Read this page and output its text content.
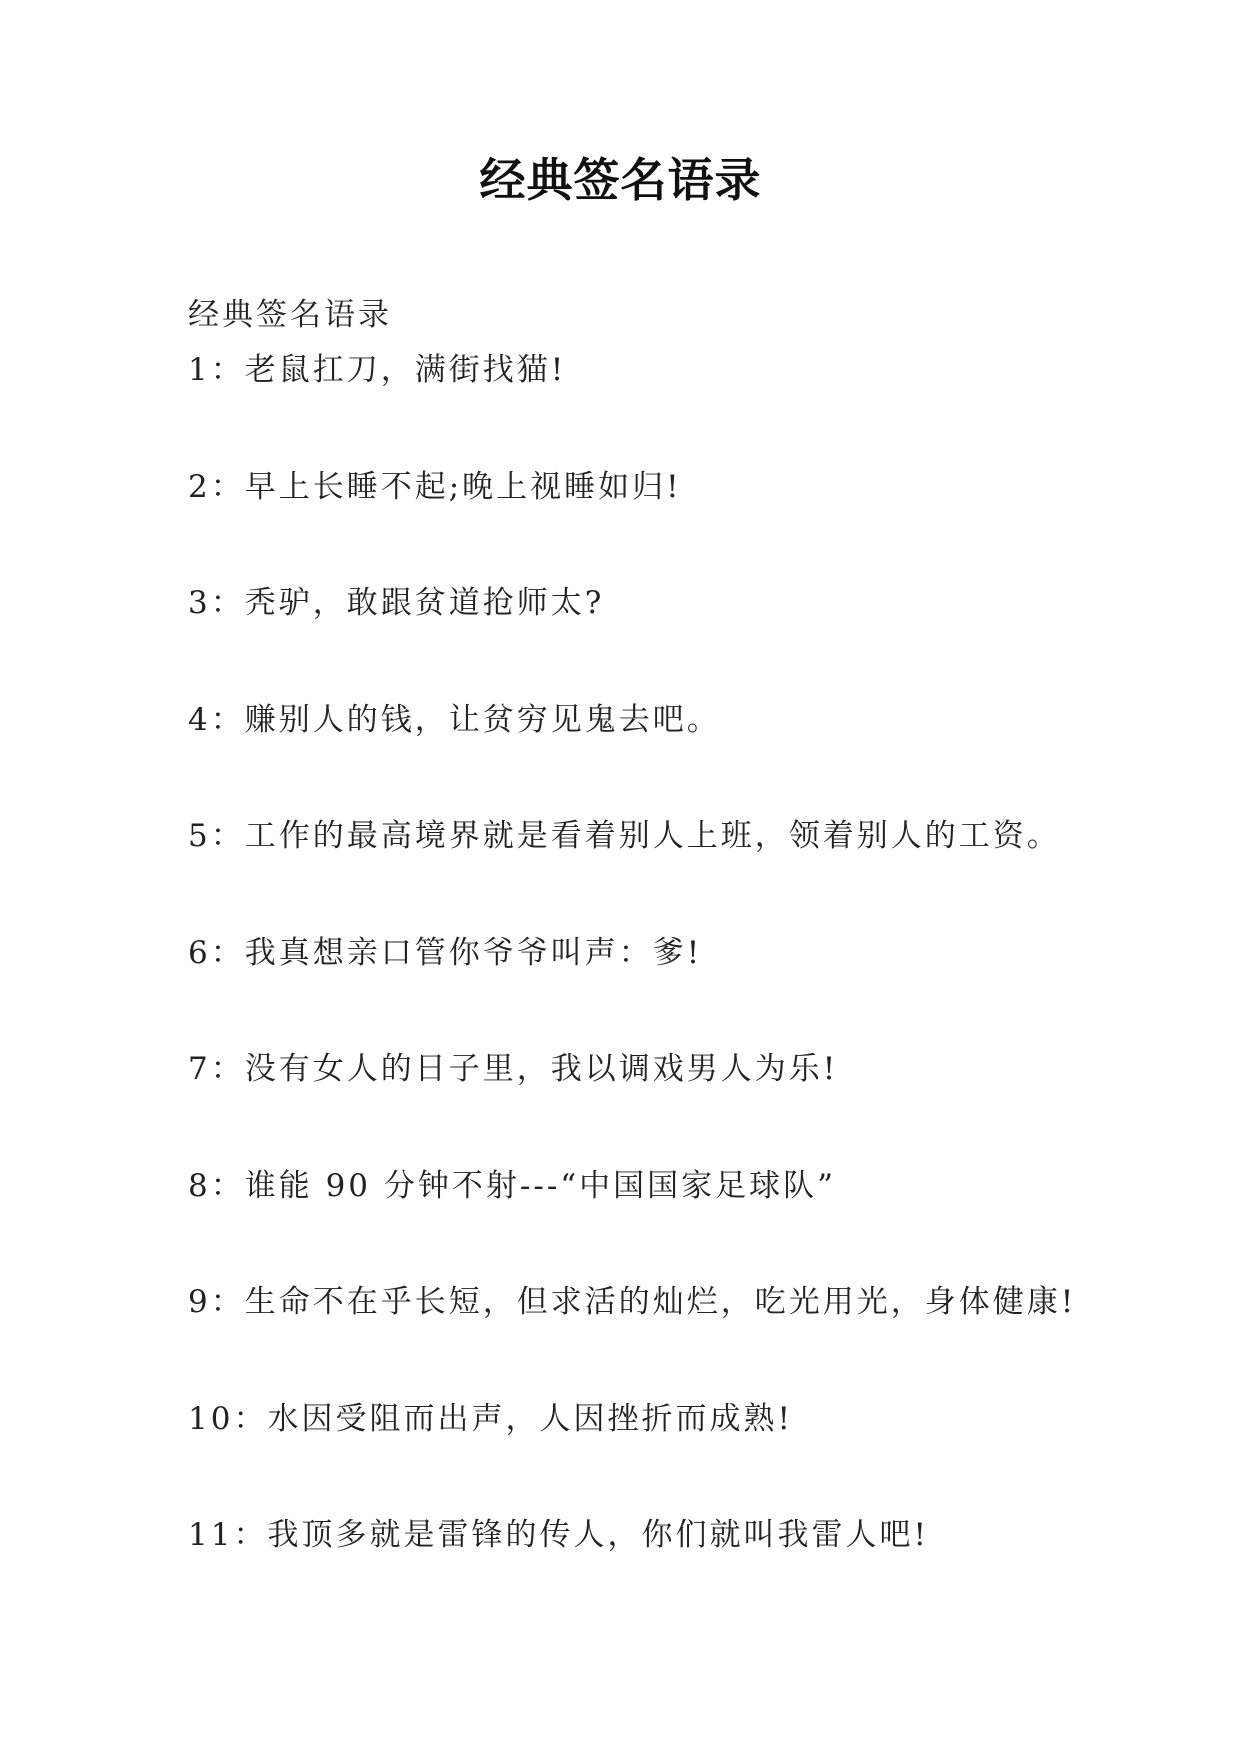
经典签名语录
经典签名语录
1：老鼠扛刀，满街找猫!
2：早上长睡不起;晚上视睡如归!
3：秃驴，敢跟贫道抢师太?
4：赚别人的钱，让贫穷见鬼去吧。
5：工作的最高境界就是看着别人上班，领着别人的工资。
6：我真想亲口管你爷爷叫声：爹!
7：没有女人的日子里，我以调戏男人为乐!
8：谁能 90 分钟不射---“中国国家足球队”
9：生命不在乎长短，但求活的灿烂，吃光用光，身体健康!
10：水因受阻而出声，人因挫折而成熟!
11：我顶多就是雷锋的传人，你们就叫我雷人吧!
